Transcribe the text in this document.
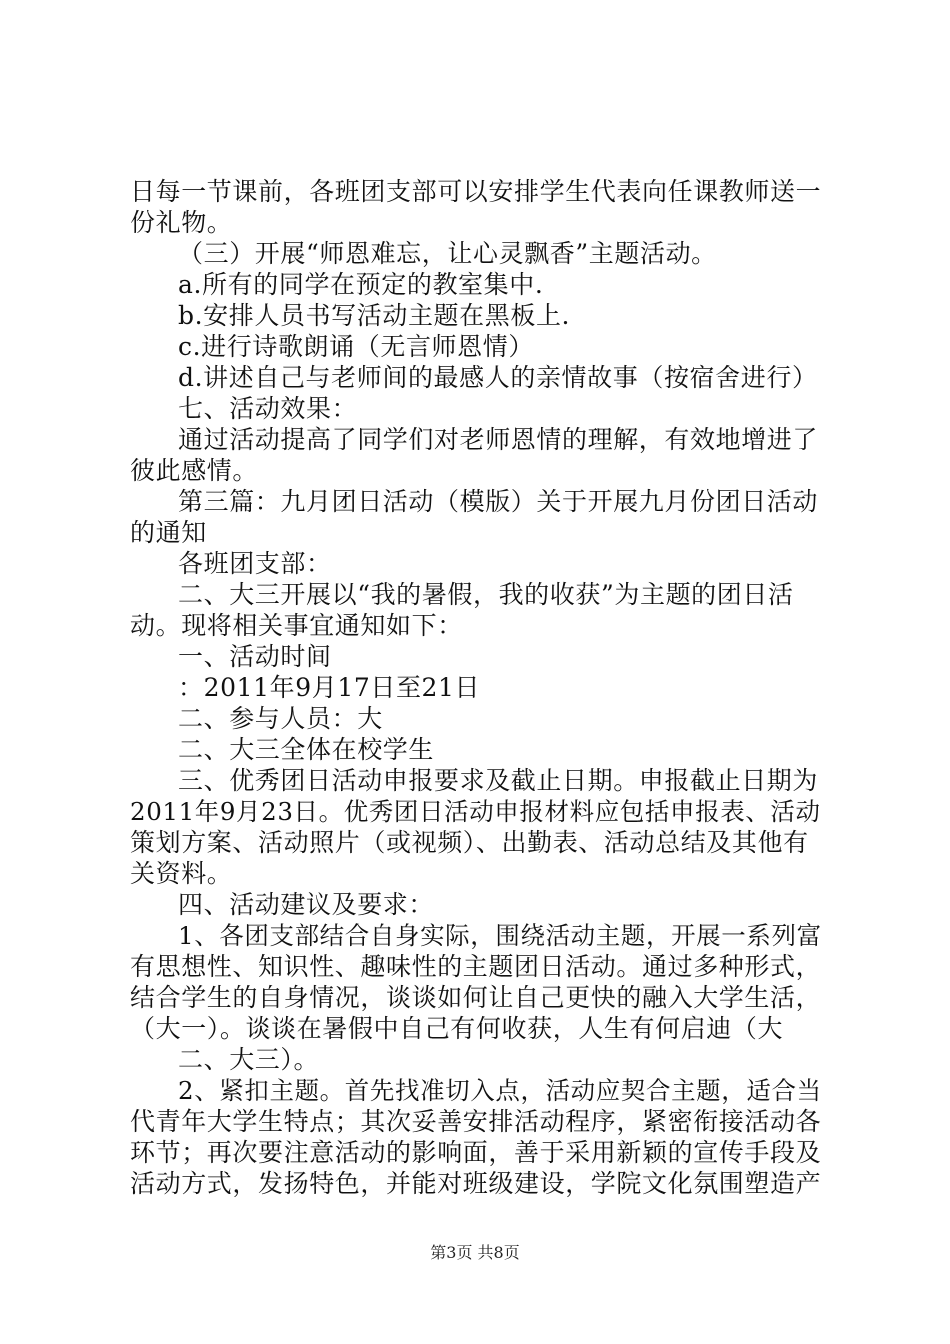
日每一节课前，各班团支部可以安排学生代表向任课教师送一
份礼物。
（三）开展“师恩难忘，让心灵飘香”主题活动。
a.所有的同学在预定的教室集中.
b.安排人员书写活动主题在黑板上.
c.进行诗歌朗诵（无言师恩情）
d.讲述自己与老师间的最感人的亲情故事（按宿舍进行）
七、活动效果：
通过活动提高了同学们对老师恩情的理解，有效地增进了
彼此感情。
第三篇：九月团日活动（模版）关于开展九月份团日活动
的通知
各班团支部：
二、大三开展以“我的暑假，我的收获”为主题的团日活
动。现将相关事宜通知如下：
一、活动时间
：2011年9月17日至21日
二、参与人员：大
二、大三全体在校学生
三、优秀团日活动申报要求及截止日期。申报截止日期为
2011年9月23日。优秀团日活动申报材料应包括申报表、活动
策划方案、活动照片（或视频）、出勤表、活动总结及其他有
关资料。
四、活动建议及要求：
1、各团支部结合自身实际，围绕活动主题，开展一系列富
有思想性、知识性、趣味性的主题团日活动。通过多种形式，
结合学生的自身情况，谈谈如何让自己更快的融入大学生活，
（大一）。谈谈在暑假中自己有何收获，人生有何启迪（大
二、大三）。
2、紧扣主题。首先找准切入点，活动应契合主题，适合当
代青年大学生特点；其次妥善安排活动程序，紧密衔接活动各
环节；再次要注意活动的影响面，善于采用新颖的宣传手段及
活动方式，发扬特色，并能对班级建设，学院文化氛围塑造产
第3页 共8页
